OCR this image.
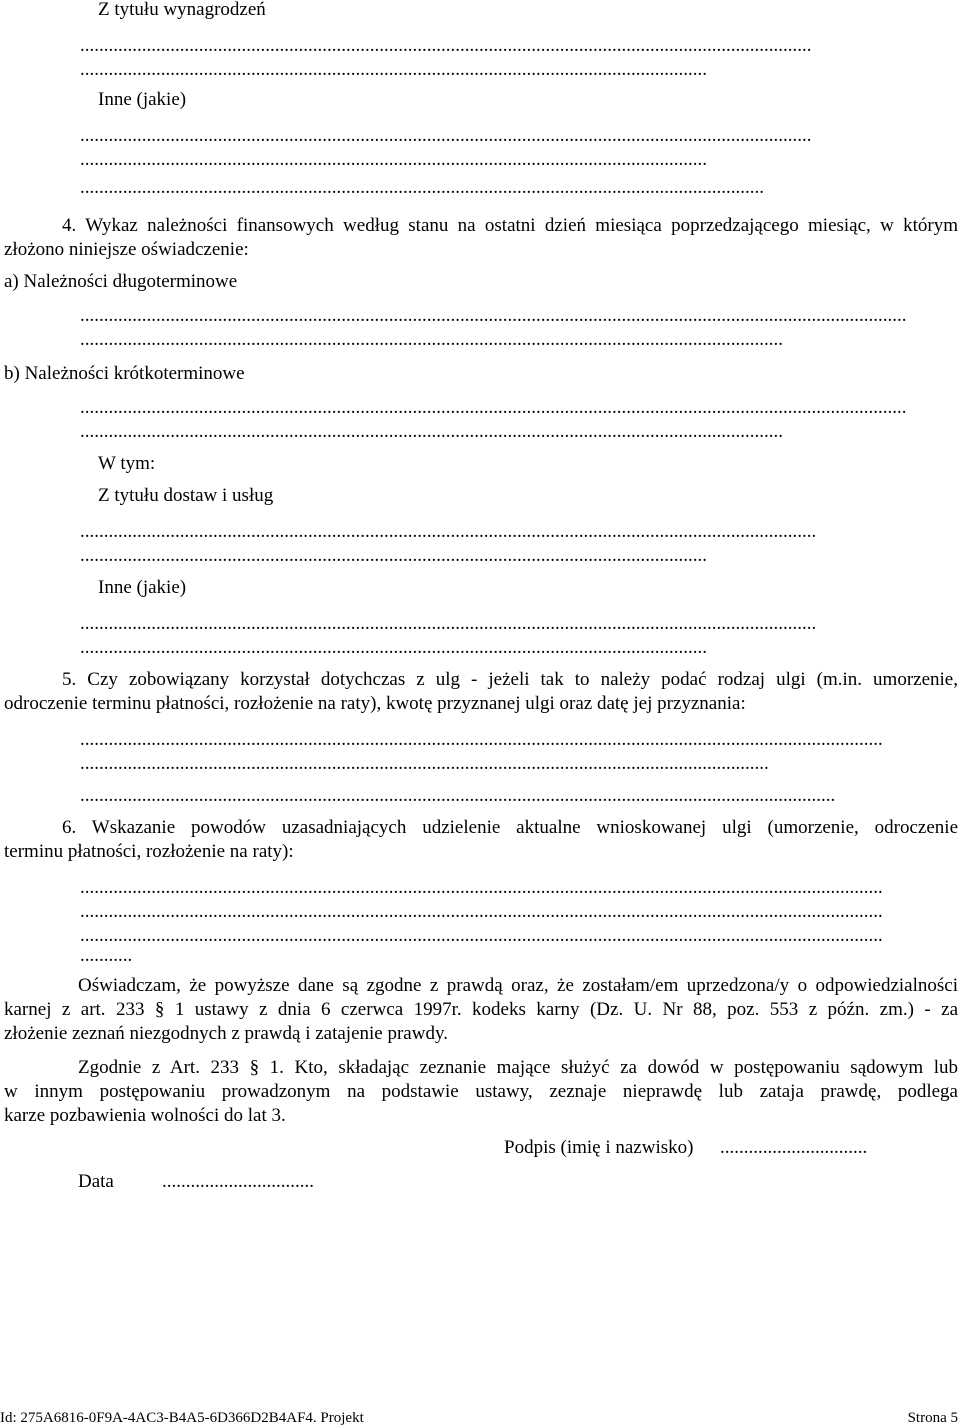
Z tytułu wynagrodzeń
..........................................................................................................................................................
....................................................................................................................................
Inne (jakie)
..........................................................................................................................................................
....................................................................................................................................
................................................................................................................................................
4. Wykaz należności finansowych według stanu na ostatni dzień miesiąca poprzedzającego miesiąc, w którym
złożono niniejsze oświadczenie:
a) Należności długoterminowe
..............................................................................................................................................................................
....................................................................................................................................................
b) Należności krótkoterminowe
..............................................................................................................................................................................
....................................................................................................................................................
W tym:
Z tytułu dostaw i usług
...........................................................................................................................................................
....................................................................................................................................
Inne (jakie)
...........................................................................................................................................................
....................................................................................................................................
5. Czy zobowiązany korzystał dotychczas z ulg - jeżeli tak to należy podać rodzaj ulgi (m.in. umorzenie,
odroczenie terminu płatności, rozłożenie na raty), kwotę przyznanej ulgi oraz datę jej przyznania:
.........................................................................................................................................................................
.................................................................................................................................................
...............................................................................................................................................................
6. Wskazanie powodów uzasadniających udzielenie aktualne wnioskowanej ulgi (umorzenie, odroczenie
terminu płatności, rozłożenie na raty):
.........................................................................................................................................................................
.........................................................................................................................................................................
.........................................................................................................................................................................
...........
Oświadczam, że powyższe dane są zgodne z prawdą oraz, że zostałam/em uprzedzona/y o odpowiedzialności
karnej z art. 233 § 1 ustawy z dnia 6 czerwca 1997r. kodeks karny (Dz. U. Nr 88, poz. 553 z późn. zm.) - za
złożenie zeznań niezgodnych z prawdą i zatajenie prawdy.
Zgodnie z Art. 233 § 1. Kto, składając zeznanie mające służyć za dowód w postępowaniu sądowym lub
w innym postępowaniu prowadzonym na podstawie ustawy, zeznaje nieprawdę lub zataja prawdę, podlega
karze pozbawienia wolności do lat 3.
Podpis (imię i nazwisko) ...............................
Data	................................
Id: 275A6816-0F9A-4AC3-B4A5-6D366D2B4AF4. Projekt	Strona 5
